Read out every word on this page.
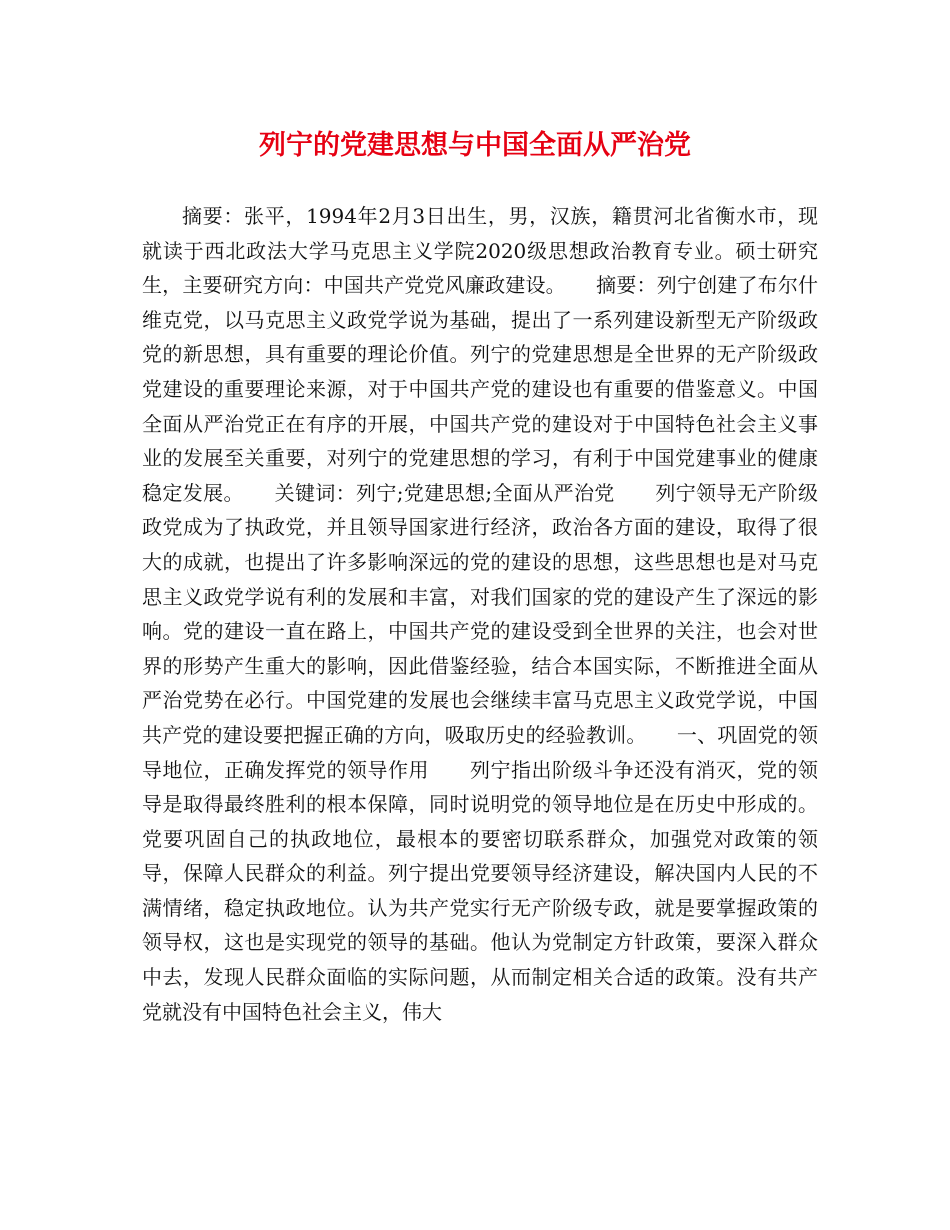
列宁的党建思想与中国全面从严治党

摘要：张平，1994年2月3日出生，男，汉族，籍贯河北省衡水市，现就读于西北政法大学马克思主义学院2020级思想政治教育专业。硕士研究生，主要研究方向：中国共产党党风廉政建设。　　摘要：列宁创建了布尔什维克党，以马克思主义政党学说为基础，提出了一系列建设新型无产阶级政党的新思想，具有重要的理论价值。列宁的党建思想是全世界的无产阶级政党建设的重要理论来源，对于中国共产党的建设也有重要的借鉴意义。中国全面从严治党正在有序的开展，中国共产党的建设对于中国特色社会主义事业的发展至关重要，对列宁的党建思想的学习，有利于中国党建事业的健康稳定发展。　　关键词：列宁;党建思想;全面从严治党　　列宁领导无产阶级政党成为了执政党，并且领导国家进行经济，政治各方面的建设，取得了很大的成就，也提出了许多影响深远的党的建设的思想，这些思想也是对马克思主义政党学说有利的发展和丰富，对我们国家的党的建设产生了深远的影响。党的建设一直在路上，中国共产党的建设受到全世界的关注，也会对世界的形势产生重大的影响，因此借鉴经验，结合本国实际，不断推进全面从严治党势在必行。中国党建的发展也会继续丰富马克思主义政党学说，中国共产党的建设要把握正确的方向，吸取历史的经验教训。　　一、巩固党的领导地位，正确发挥党的领导作用　　列宁指出阶级斗争还没有消灭，党的领导是取得最终胜利的根本保障，同时说明党的领导地位是在历史中形成的。党要巩固自己的执政地位，最根本的要密切联系群众，加强党对政策的领导，保障人民群众的利益。列宁提出党要领导经济建设，解决国内人民的不满情绪，稳定执政地位。认为共产党实行无产阶级专政，就是要掌握政策的领导权，这也是实现党的领导的基础。他认为党制定方针政策，要深入群众中去，发现人民群众面临的实际问题，从而制定相关合适的政策。没有共产党就没有中国特色社会主义，伟大
